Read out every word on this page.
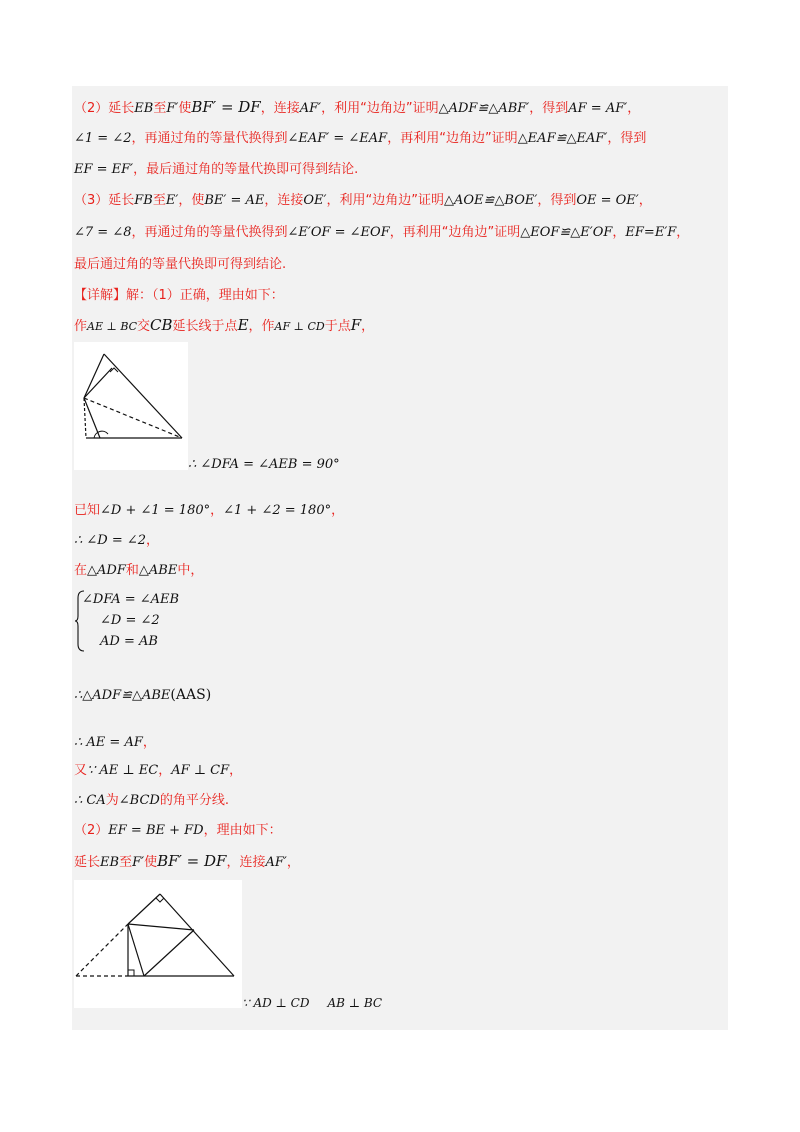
（2）延长EB至F′使BF′ = DF，连接AF′，利用“边角边”证明△ADF≌△ABF′，得到AF = AF′，
∠1 = ∠2，再通过角的等量代换得到∠EAF′ = ∠EAF，再利用“边角边”证明△EAF≌△EAF′，得到
EF = EF′，最后通过角的等量代换即可得到结论.
（3）延长FB至E′，使BE′ = AE，连接OE′，利用“边角边”证明△AOE≌△BOE′，得到OE = OE′，
∠7 = ∠8，再通过角的等量代换得到∠E′OF = ∠EOF，再利用“边角边”证明△EOF≌△E′OF，EF=E′F，
最后通过角的等量代换即可得到结论.
【详解】解：（1）正确，理由如下：
作AE ⊥ BC交CB延长线于点E，作AF ⊥ CD于点F，
∴ ∠DFA = ∠AEB = 90°
已知∠D + ∠1 = 180°，∠1 + ∠2 = 180°，
∴ ∠D = ∠2，
在△ADF和△ABE中，
∠DFA = ∠AEB
∠D = ∠2
AD = AB
∴△ADF≌△ABE(AAS)
∴ AE = AF，
又∵ AE ⊥ EC，AF ⊥ CF，
∴ CA为∠BCD的角平分线.
（2）EF = BE + FD，理由如下：
延长EB至F′使BF′ = DF，连接AF′，
∵ AD ⊥ CD AB ⊥ BC
